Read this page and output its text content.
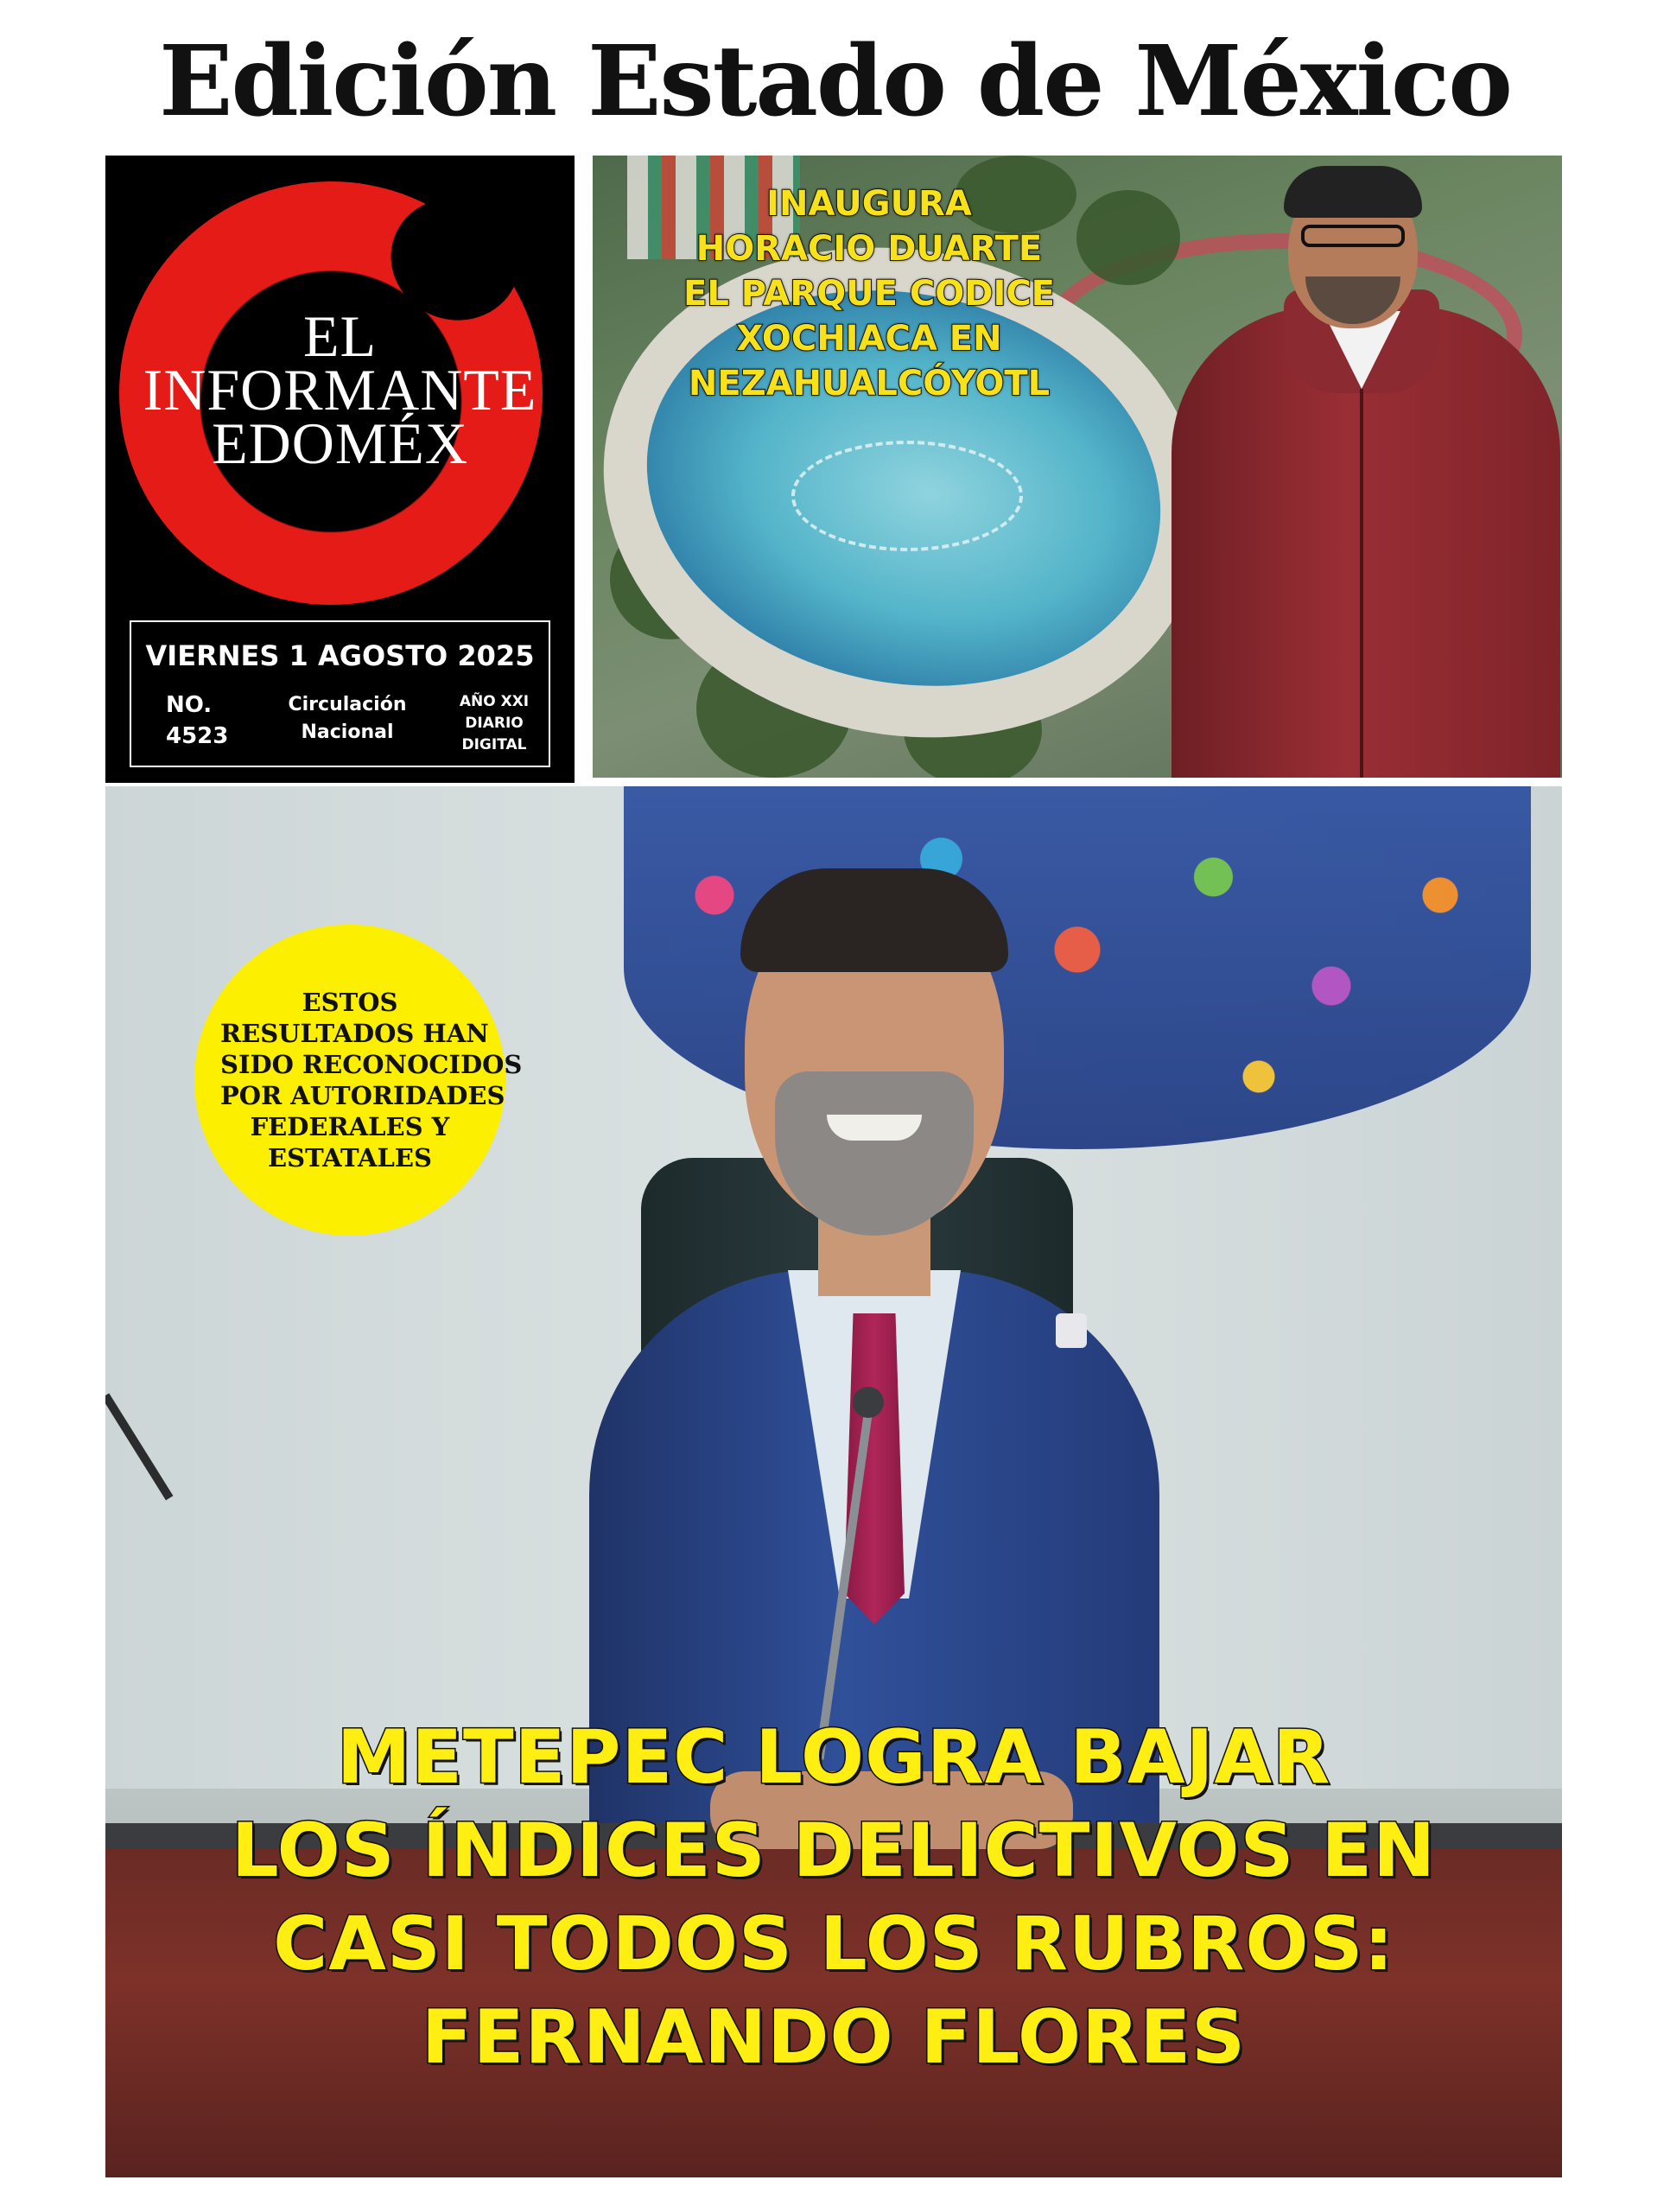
Edición Estado de México
EL
INFORMANTE
EDOMÉX
VIERNES 1 AGOSTO 2025
NO.
4523
Circulación
Nacional
AÑO XXI
DIARIO
DIGITAL
INAUGURA
HORACIO DUARTE
EL PARQUE CODICE
XOCHIACA EN
NEZAHUALCÓYOTL
ESTOS
RESULTADOS HAN
SIDO RECONOCIDOS
POR AUTORIDADES
FEDERALES Y
ESTATALES
METEPEC LOGRA BAJAR
LOS ÍNDICES DELICTIVOS EN
CASI TODOS LOS RUBROS:
FERNANDO FLORES
